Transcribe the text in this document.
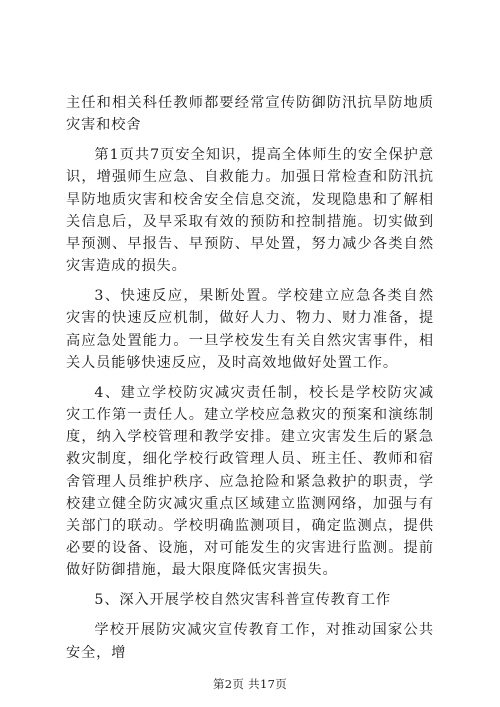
主任和相关科任教师都要经常宣传防御防汛抗旱防地质灾害和校舍

第1页共7页安全知识，提高全体师生的安全保护意识，增强师生应急、自救能力。加强日常检查和防汛抗旱防地质灾害和校舍安全信息交流，发现隐患和了解相关信息后，及早采取有效的预防和控制措施。切实做到早预测、早报告、早预防、早处置，努力减少各类自然灾害造成的损失。

3、快速反应，果断处置。学校建立应急各类自然灾害的快速反应机制，做好人力、物力、财力准备，提高应急处置能力。一旦学校发生有关自然灾害事件，相关人员能够快速反应，及时高效地做好处置工作。

4、建立学校防灾减灾责任制，校长是学校防灾减灾工作第一责任人。建立学校应急救灾的预案和演练制度，纳入学校管理和教学安排。建立灾害发生后的紧急救灾制度，细化学校行政管理人员、班主任、教师和宿舍管理人员维护秩序、应急抢险和紧急救护的职责，学校建立健全防灾减灾重点区域建立监测网络，加强与有关部门的联动。学校明确监测项目，确定监测点，提供必要的设备、设施，对可能发生的灾害进行监测。提前做好防御措施，最大限度降低灾害损失。

5、深入开展学校自然灾害科普宣传教育工作

学校开展防灾减灾宣传教育工作，对推动国家公共安全，增

第2页 共17页
